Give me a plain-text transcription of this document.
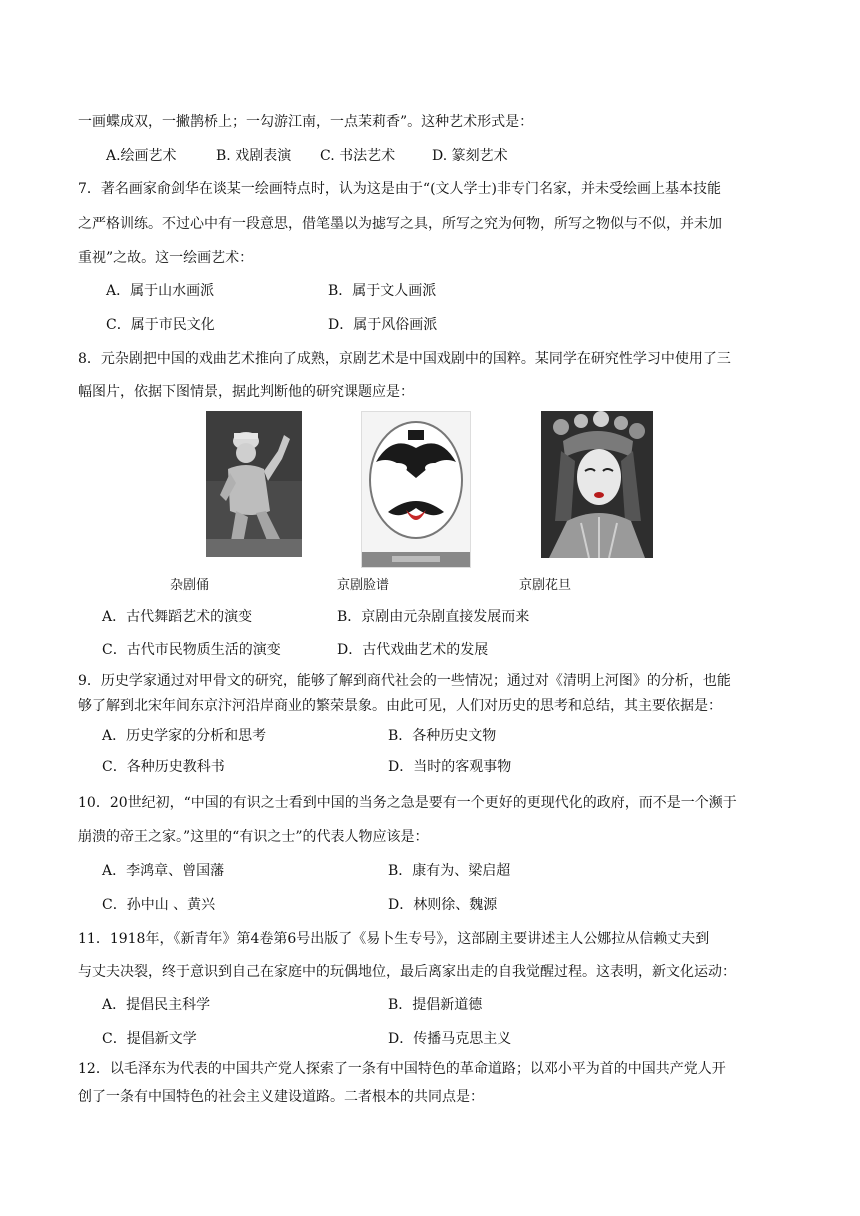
一画蝶成双，一撇鹊桥上；一勾游江南，一点茉莉香”。这种艺术形式是：
A.绘画艺术	B. 戏剧表演 C. 书法艺术	D. 篆刻艺术
7．著名画家俞剑华在谈某一绘画特点时，认为这是由于“(文人学士)非专门名家，并未受绘画上基本技能
之严格训练。不过心中有一段意思，借笔墨以为摅写之具，所写之究为何物，所写之物似与不似，并未加
重视”之故。这一绘画艺术：
A．属于山水画派	B．属于文人画派
C．属于市民文化	D．属于风俗画派
8．元杂剧把中国的戏曲艺术推向了成熟，京剧艺术是中国戏剧中的国粹。某同学在研究性学习中使用了三
幅图片，依据下图情景，据此判断他的研究课题应是：
杂剧俑	京剧脸谱	京剧花旦
A．古代舞蹈艺术的演变	B．京剧由元杂剧直接发展而来
C．古代市民物质生活的演变	D．古代戏曲艺术的发展
9．历史学家通过对甲骨文的研究，能够了解到商代社会的一些情况；通过对《清明上河图》的分析，也能
够了解到北宋年间东京汴河沿岸商业的繁荣景象。由此可见，人们对历史的思考和总结，其主要依据是：
A．历史学家的分析和思考	B．各种历史文物
C．各种历史教科书	D．当时的客观事物
10．20世纪初，“中国的有识之士看到中国的当务之急是要有一个更好的更现代化的政府，而不是一个濒于
崩溃的帝王之家。”这里的“有识之士”的代表人物应该是：
A．李鸿章、曾国藩	B．康有为、梁启超
C．孙中山 、黄兴	D．林则徐、魏源
11．1918年，《新青年》第4卷第6号出版了《易卜生专号》，这部剧主要讲述主人公娜拉从信赖丈夫到
与丈夫决裂，终于意识到自己在家庭中的玩偶地位，最后离家出走的自我觉醒过程。这表明，新文化运动：
A．提倡民主科学	B．提倡新道德
C．提倡新文学	D．传播马克思主义
12．以毛泽东为代表的中国共产党人探索了一条有中国特色的革命道路；以邓小平为首的中国共产党人开
创了一条有中国特色的社会主义建设道路。二者根本的共同点是：
